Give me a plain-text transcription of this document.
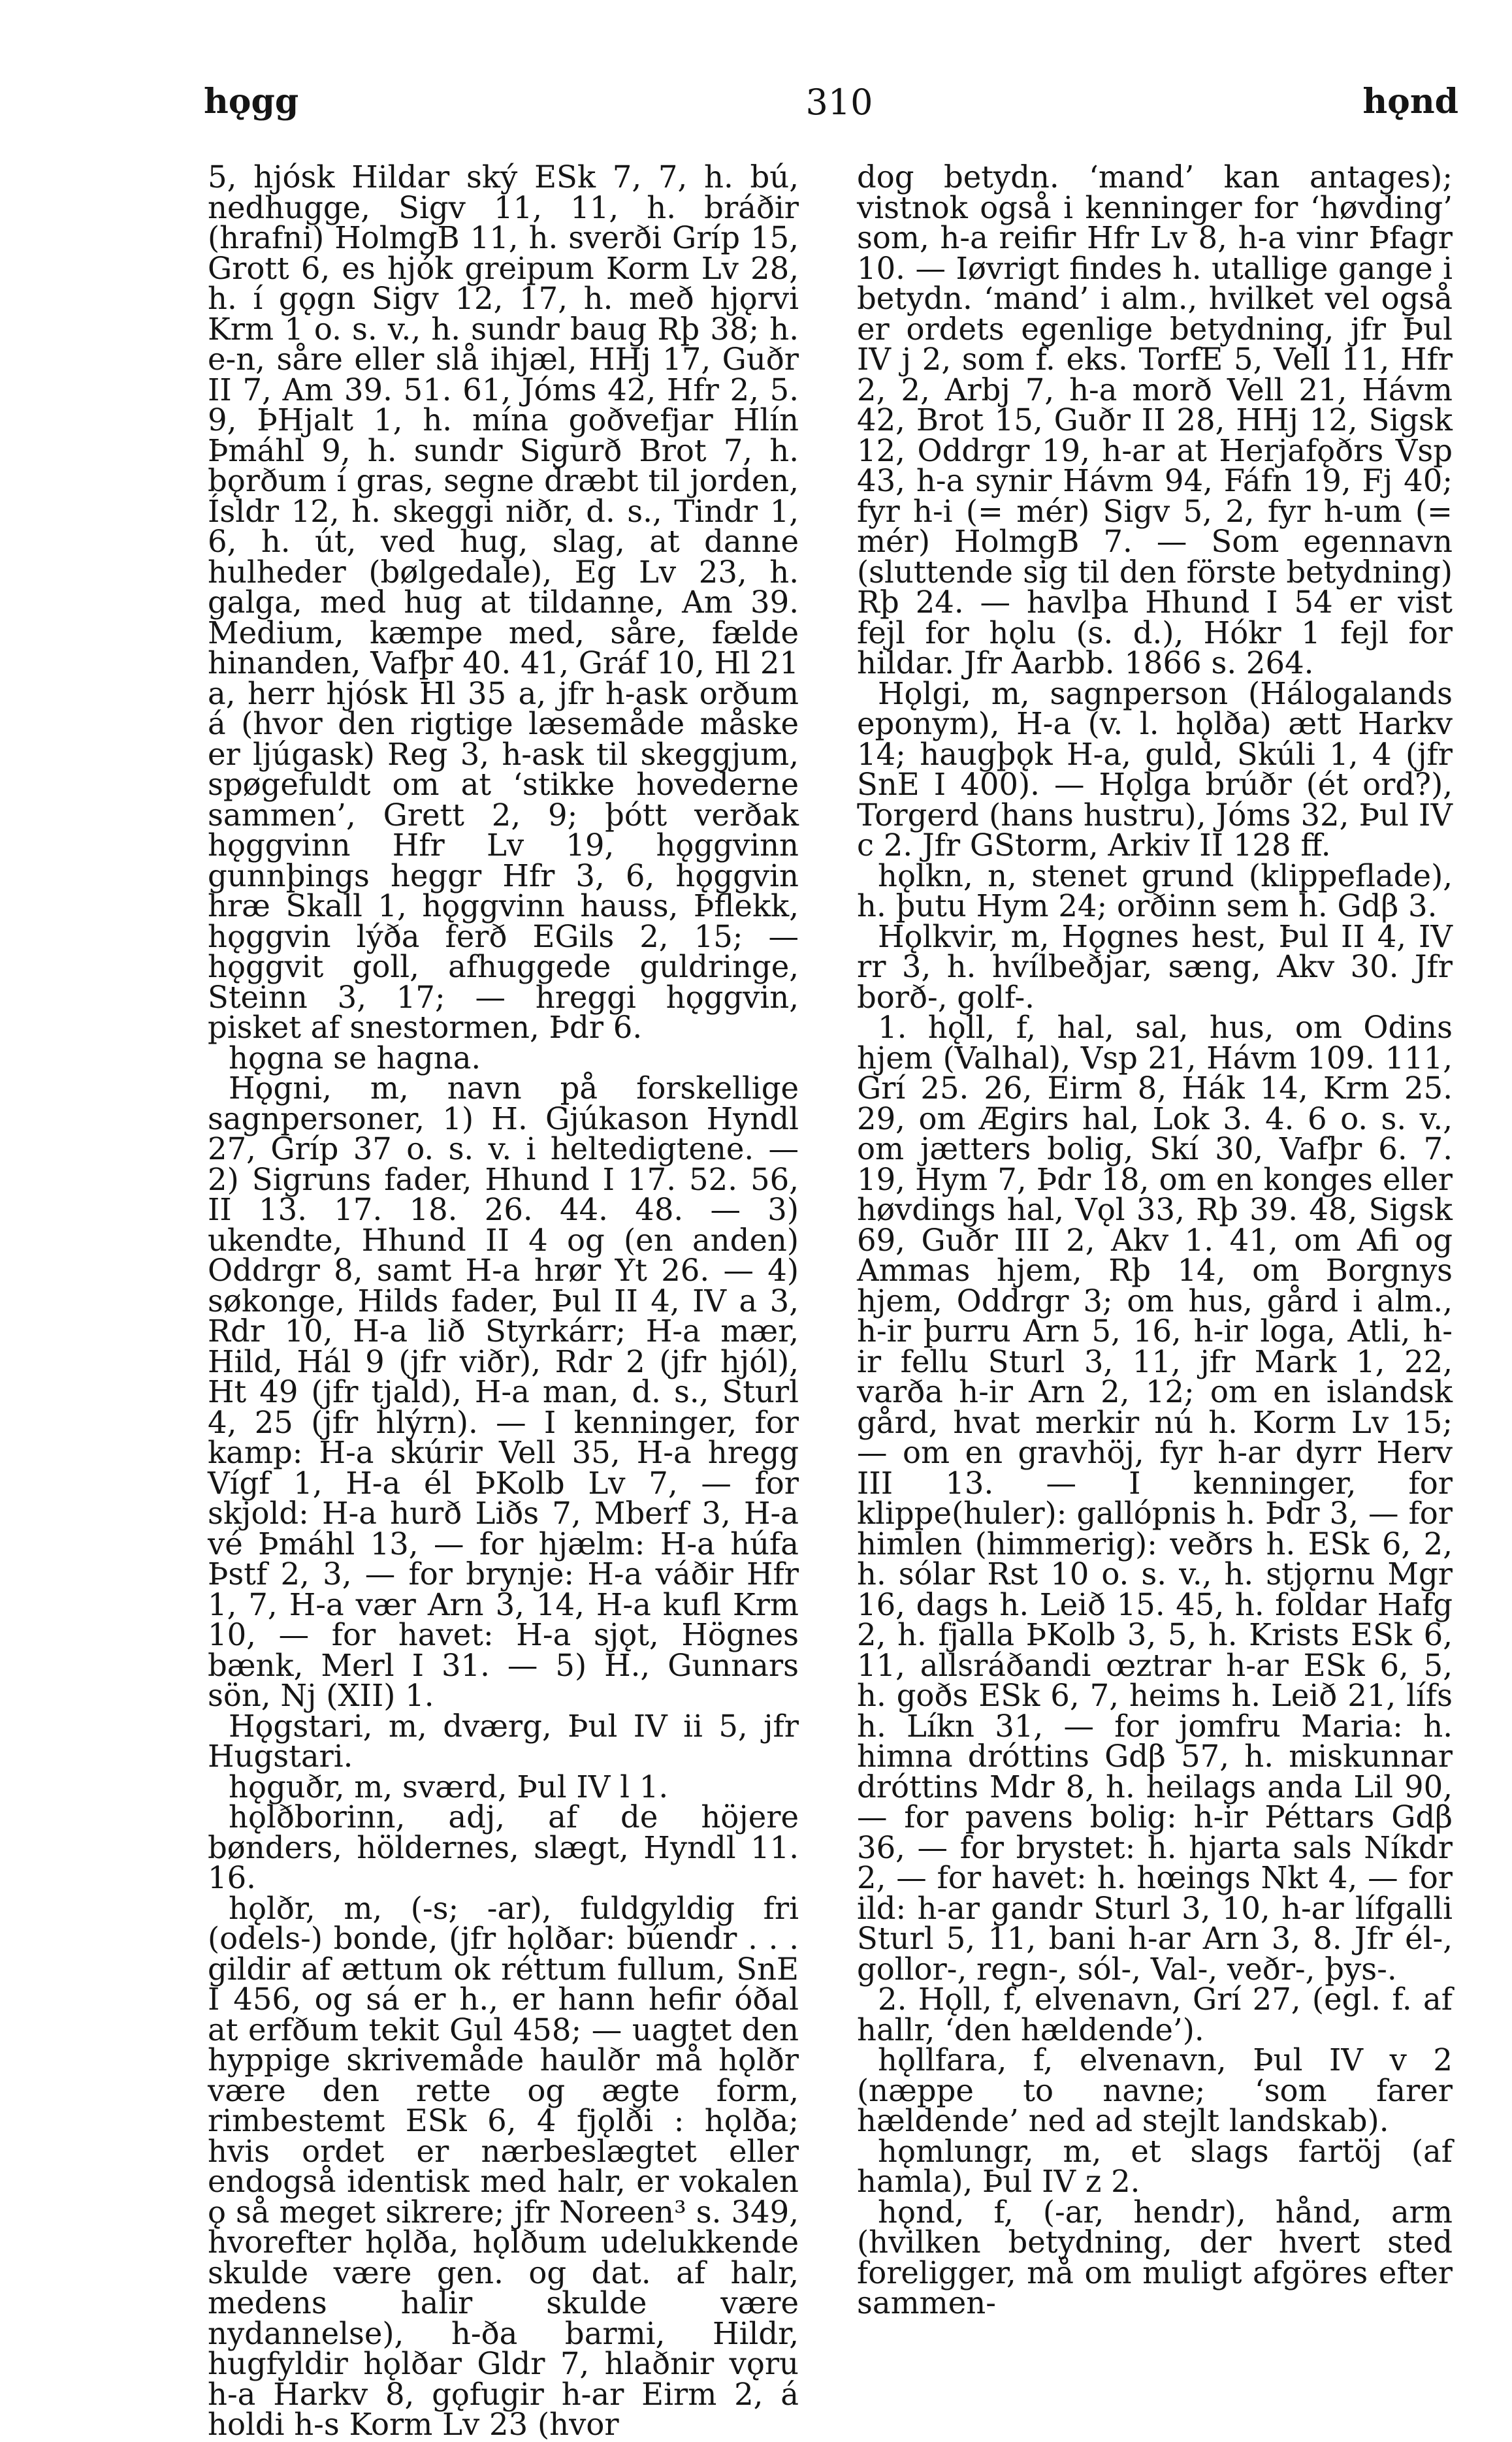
hǫgg	310	hǫnd

5, hjósk Hildar ský ESk 7, 7, h. bú, nedhugge, Sigv 11, 11, h. bráðir (hrafni) HolmgB 11, h. sverði Gríp 15, Grott 6, es hjók greipum Korm Lv 28, h. í gǫgn Sigv 12, 17, h. með hjǫrvi Krm 1 o. s. v., h. sundr baug Rþ 38; h. e-n, såre eller slå ihjæl, HHj 17, Guðr II 7, Am 39. 51. 61, Jóms 42, Hfr 2, 5. 9, ÞHjalt 1, h. mína goðvefjar Hlín Þmáhl 9, h. sundr Sigurð Brot 7, h. bǫrðum í gras, segne dræbt til jorden, Ísldr 12, h. skeggi niðr, d. s., Tindr 1, 6, h. út, ved hug, slag, at danne hulheder (bølgedale), Eg Lv 23, h. galga, med hug at tildanne, Am 39. Medium, kæmpe med, såre, fælde hinanden, Vafþr 40. 41, Gráf 10, Hl 21 a, herr hjósk Hl 35 a, jfr h-ask orðum á (hvor den rigtige læsemåde måske er ljúgask) Reg 3, h-ask til skeggjum, spøgefuldt om at ‘stikke hovederne sammen’, Grett 2, 9; þótt verðak hǫggvinn Hfr Lv 19, hǫggvinn gunnþings heggr Hfr 3, 6, hǫggvin hræ Skall 1, hǫggvinn hauss, Þflekk, hǫggvin lýða ferð EGils 2, 15; — hǫggvit goll, afhuggede guldringe, Steinn 3, 17; — hreggi hǫggvin, pisket af snestormen, Þdr 6.

hǫgna se hagna.

Hǫgni, m, navn på forskellige sagnpersoner, 1) H. Gjúkason Hyndl 27, Gríp 37 o. s. v. i heltedigtene. — 2) Sigruns fader, Hhund I 17. 52. 56, II 13. 17. 18. 26. 44. 48. — 3) ukendte, Hhund II 4 og (en anden) Oddrgr 8, samt H-a hrør Yt 26. — 4) søkonge, Hilds fader, Þul II 4, IV a 3, Rdr 10, H-a lið Styrkárr; H-a mær, Hild, Hál 9 (jfr viðr), Rdr 2 (jfr hjól), Ht 49 (jfr tjald), H-a man, d. s., Sturl 4, 25 (jfr hlýrn). — I kenninger, for kamp: H-a skúrir Vell 35, H-a hregg Vígf 1, H-a él ÞKolb Lv 7, — for skjold: H-a hurð Liðs 7, Mberf 3, H-a vé Þmáhl 13, — for hjælm: H-a húfa Þstf 2, 3, — for brynje: H-a váðir Hfr 1, 7, H-a vær Arn 3, 14, H-a kufl Krm 10, — for havet: H-a sjǫt, Högnes bænk, Merl I 31. — 5) H., Gunnars sön, Nj (XII) 1.

Hǫgstari, m, dværg, Þul IV ii 5, jfr Hugstari.

hǫguðr, m, sværd, Þul IV l 1.

hǫlðborinn, adj, af de höjere bønders, höldernes, slægt, Hyndl 11. 16.

hǫlðr, m, (-s; -ar), fuldgyldig fri (odels-) bonde, (jfr hǫlðar: búendr . . . gildir af ættum ok réttum fullum, SnE I 456, og sá er h., er hann hefir óðal at erfðum tekit Gul 458; — uagtet den hyppige skrivemåde haulðr må hǫlðr være den rette og ægte form, rimbestemt ESk 6, 4 fjǫlði : hǫlða; hvis ordet er nærbeslægtet eller endogså identisk med halr, er vokalen ǫ så meget sikrere; jfr Noreen³ s. 349, hvorefter hǫlða, hǫlðum udelukkende skulde være gen. og dat. af halr, medens halir skulde være nydannelse), h-ða barmi, Hildr, hugfyldir hǫlðar Gldr 7, hlaðnir vǫru h-a Harkv 8, gǫfugir h-ar Eirm 2, á holdi h-s Korm Lv 23 (hvor

dog betydn. ‘mand’ kan antages); vistnok også i kenninger for ‘høvding’ som, h-a reifir Hfr Lv 8, h-a vinr Þfagr 10. — Iøvrigt findes h. utallige gange i betydn. ‘mand’ i alm., hvilket vel også er ordets egenlige betydning, jfr Þul IV j 2, som f. eks. TorfE 5, Vell 11, Hfr 2, 2, Arbj 7, h-a morð Vell 21, Hávm 42, Brot 15, Guðr II 28, HHj 12, Sigsk 12, Oddrgr 19, h-ar at Herjafǫðrs Vsp 43, h-a synir Hávm 94, Fáfn 19, Fj 40; fyr h-i (= mér) Sigv 5, 2, fyr h-um (= mér) HolmgB 7. — Som egennavn (sluttende sig til den förste betydning) Rþ 24. — havlþa Hhund I 54 er vist fejl for hǫlu (s. d.), Hókr 1 fejl for hildar. Jfr Aarbb. 1866 s. 264.

Hǫlgi, m, sagnperson (Hálogalands eponym), H-a (v. l. hǫlða) ætt Harkv 14; haugþǫk H-a, guld, Skúli 1, 4 (jfr SnE I 400). — Hǫlga brúðr (ét ord?), Torgerd (hans hustru), Jóms 32, Þul IV c 2. Jfr GStorm, Arkiv II 128 ff.

hǫlkn, n, stenet grund (klippeflade), h. þutu Hym 24; orðinn sem h. Gdβ 3.

Hǫlkvir, m, Hǫgnes hest, Þul II 4, IV rr 3, h. hvílbeðjar, sæng, Akv 30. Jfr borð-, golf-.

1. hǫll, f, hal, sal, hus, om Odins hjem (Valhal), Vsp 21, Hávm 109. 111, Grí 25. 26, Eirm 8, Hák 14, Krm 25. 29, om Ægirs hal, Lok 3. 4. 6 o. s. v., om jætters bolig, Skí 30, Vafþr 6. 7. 19, Hym 7, Þdr 18, om en konges eller høvdings hal, Vǫl 33, Rþ 39. 48, Sigsk 69, Guðr III 2, Akv 1. 41, om Afi og Ammas hjem, Rþ 14, om Borgnys hjem, Oddrgr 3; om hus, gård i alm., h-ir þurru Arn 5, 16, h-ir loga, Atli, h-ir fellu Sturl 3, 11, jfr Mark 1, 22, varða h-ir Arn 2, 12; om en islandsk gård, hvat merkir nú h. Korm Lv 15; — om en gravhöj, fyr h-ar dyrr Herv III 13. — I kenninger, for klippe(huler): gallópnis h. Þdr 3, — for himlen (himmerig): veðrs h. ESk 6, 2, h. sólar Rst 10 o. s. v., h. stjǫrnu Mgr 16, dags h. Leið 15. 45, h. foldar Hafg 2, h. fjalla ÞKolb 3, 5, h. Krists ESk 6, 11, allsráðandi œztrar h-ar ESk 6, 5, h. goðs ESk 6, 7, heims h. Leið 21, lífs h. Líkn 31, — for jomfru Maria: h. himna dróttins Gdβ 57, h. miskunnar dróttins Mdr 8, h. heilags anda Lil 90, — for pavens bolig: h-ir Péttars Gdβ 36, — for brystet: h. hjarta sals Níkdr 2, — for havet: h. hœings Nkt 4, — for ild: h-ar gandr Sturl 3, 10, h-ar lífgalli Sturl 5, 11, bani h-ar Arn 3, 8. Jfr él-, gollor-, regn-, sól-, Val-, veðr-, þys-.

2. Hǫll, f, elvenavn, Grí 27, (egl. f. af hallr, ‘den hældende’).

hǫllfara, f, elvenavn, Þul IV v 2 (næppe to navne; ‘som farer hældende’ ned ad stejlt landskab).

hǫmlungr, m, et slags fartöj (af hamla), Þul IV z 2.

hǫnd, f, (-ar, hendr), hånd, arm (hvilken betydning, der hvert sted foreligger, må om muligt afgöres efter sammen-
